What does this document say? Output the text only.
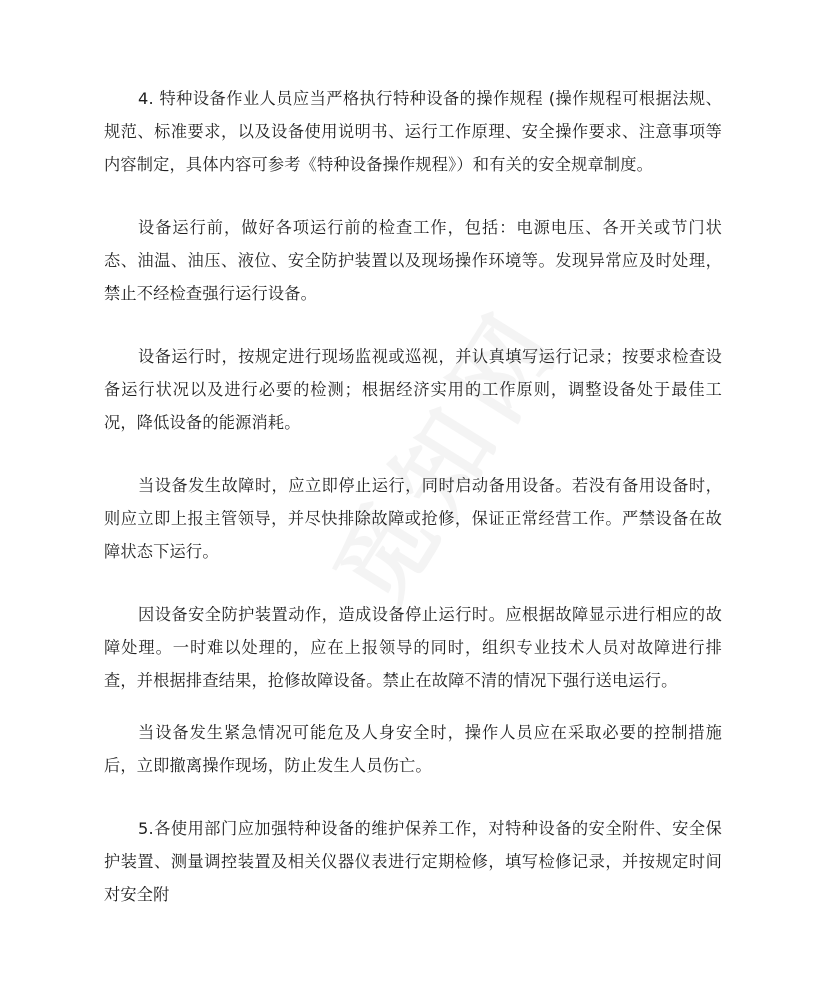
4. 特种设备作业人员应当严格执行特种设备的操作规程 (操作规程可根据法规、规范、标准要求，以及设备使用说明书、运行工作原理、安全操作要求、注意事项等内容制定，具体内容可参考《特种设备操作规程》）和有关的安全规章制度。

设备运行前，做好各项运行前的检查工作，包括：电源电压、各开关或节门状态、油温、油压、液位、安全防护装置以及现场操作环境等。发现异常应及时处理，禁止不经检查强行运行设备。

设备运行时，按规定进行现场监视或巡视，并认真填写运行记录；按要求检查设备运行状况以及进行必要的检测；根据经济实用的工作原则，调整设备处于最佳工况，降低设备的能源消耗。

当设备发生故障时，应立即停止运行，同时启动备用设备。若没有备用设备时，则应立即上报主管领导，并尽快排除故障或抢修，保证正常经营工作。严禁设备在故障状态下运行。

因设备安全防护装置动作，造成设备停止运行时。应根据故障显示进行相应的故障处理。一时难以处理的，应在上报领导的同时，组织专业技术人员对故障进行排查，并根据排查结果，抢修故障设备。禁止在故障不清的情况下强行送电运行。

当设备发生紧急情况可能危及人身安全时，操作人员应在采取必要的控制措施后，立即撤离操作现场，防止发生人员伤亡。

5.各使用部门应加强特种设备的维护保养工作，对特种设备的安全附件、安全保护装置、测量调控装置及相关仪器仪表进行定期检修，填写检修记录，并按规定时间对安全附
